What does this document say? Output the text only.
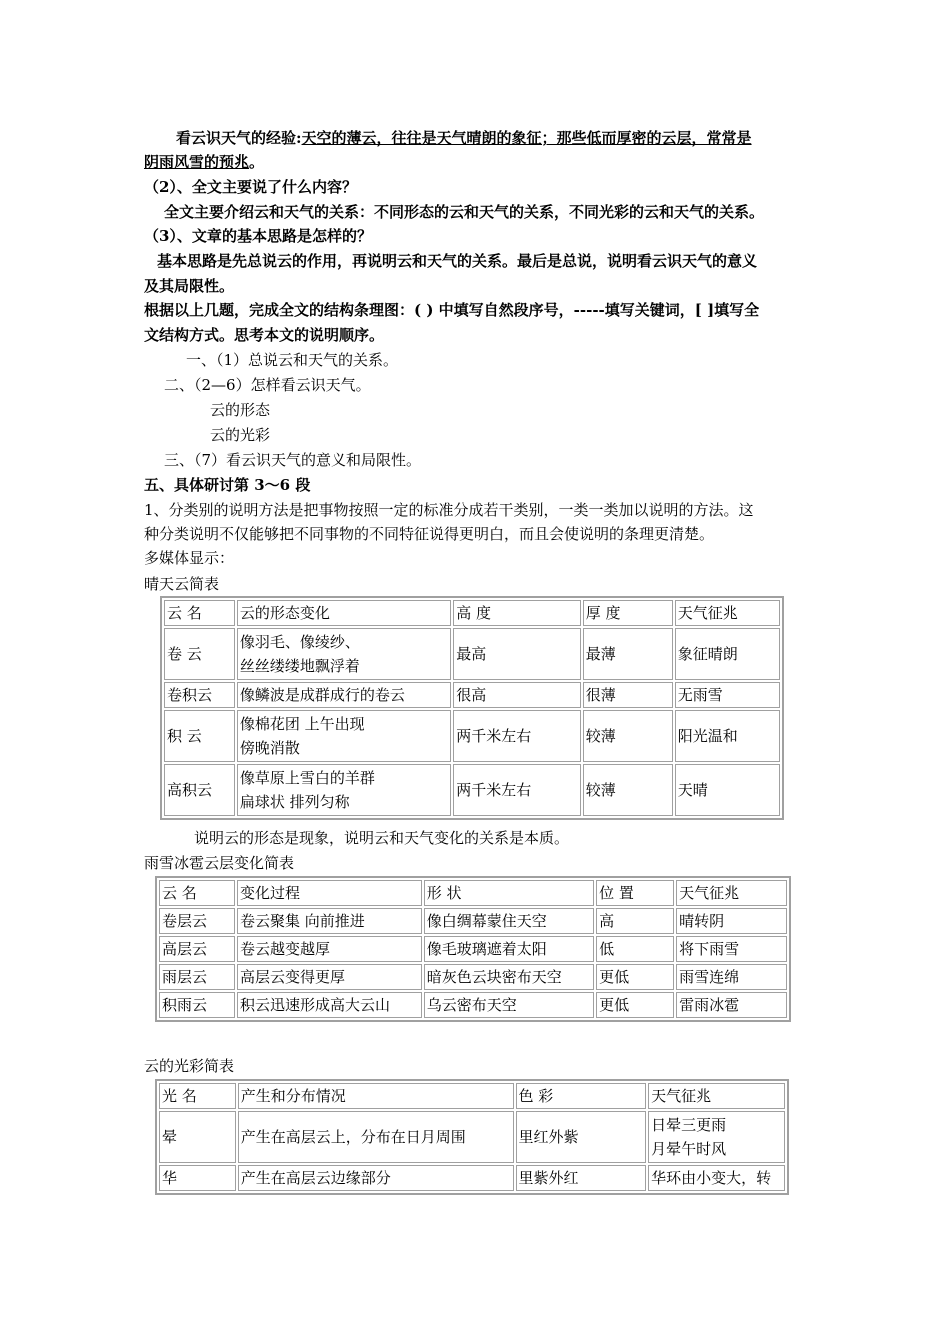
看云识天气的经验:天空的薄云，往往是天气晴朗的象征；那些低而厚密的云层，常常是
阴雨风雪的预兆。
（2）、全文主要说了什么内容？
全文主要介绍云和天气的关系：不同形态的云和天气的关系，不同光彩的云和天气的关系。
（3）、文章的基本思路是怎样的？
基本思路是先总说云的作用，再说明云和天气的关系。最后是总说，说明看云识天气的意义
及其局限性。
根据以上几题，完成全文的结构条理图：( ) 中填写自然段序号，-----填写关键词，[ ]填写全
文结构方式。思考本文的说明顺序。
一、（1）总说云和天气的关系。
二、（2—6）怎样看云识天气。
云的形态
云的光彩
三、（7）看云识天气的意义和局限性。
五、具体研讨第 3～6 段
1、分类别的说明方法是把事物按照一定的标准分成若干类别，一类一类加以说明的方法。这
种分类说明不仅能够把不同事物的不同特征说得更明白，而且会使说明的条理更清楚。
多媒体显示：
晴天云简表
云 名	云的形态变化	高 度	厚 度	天气征兆
卷 云	像羽毛、像绫纱、
丝丝缕缕地飘浮着	最高	最薄	象征晴朗
卷积云	像鳞波是成群成行的卷云	很高	很薄	无雨雪
积 云	像棉花团 上午出现
傍晚消散	两千米左右	较薄	阳光温和
高积云	像草原上雪白的羊群
扁球状 排列匀称	两千米左右	较薄	天晴
说明云的形态是现象，说明云和天气变化的关系是本质。
雨雪冰雹云层变化简表
云 名	变化过程	形 状	位 置	天气征兆
卷层云	卷云聚集 向前推进	像白绸幕蒙住天空	高	晴转阴
高层云	卷云越变越厚	像毛玻璃遮着太阳	低	将下雨雪
雨层云	高层云变得更厚	暗灰色云块密布天空	更低	雨雪连绵
积雨云	积云迅速形成高大云山	乌云密布天空	更低	雷雨冰雹
云的光彩简表
光 名	产生和分布情况	色 彩	天气征兆
晕	产生在高层云上，分布在日月周围	里红外紫	日晕三更雨
月晕午时风

华	产生在高层云边缘部分	里紫外红	华环由小变大，转
